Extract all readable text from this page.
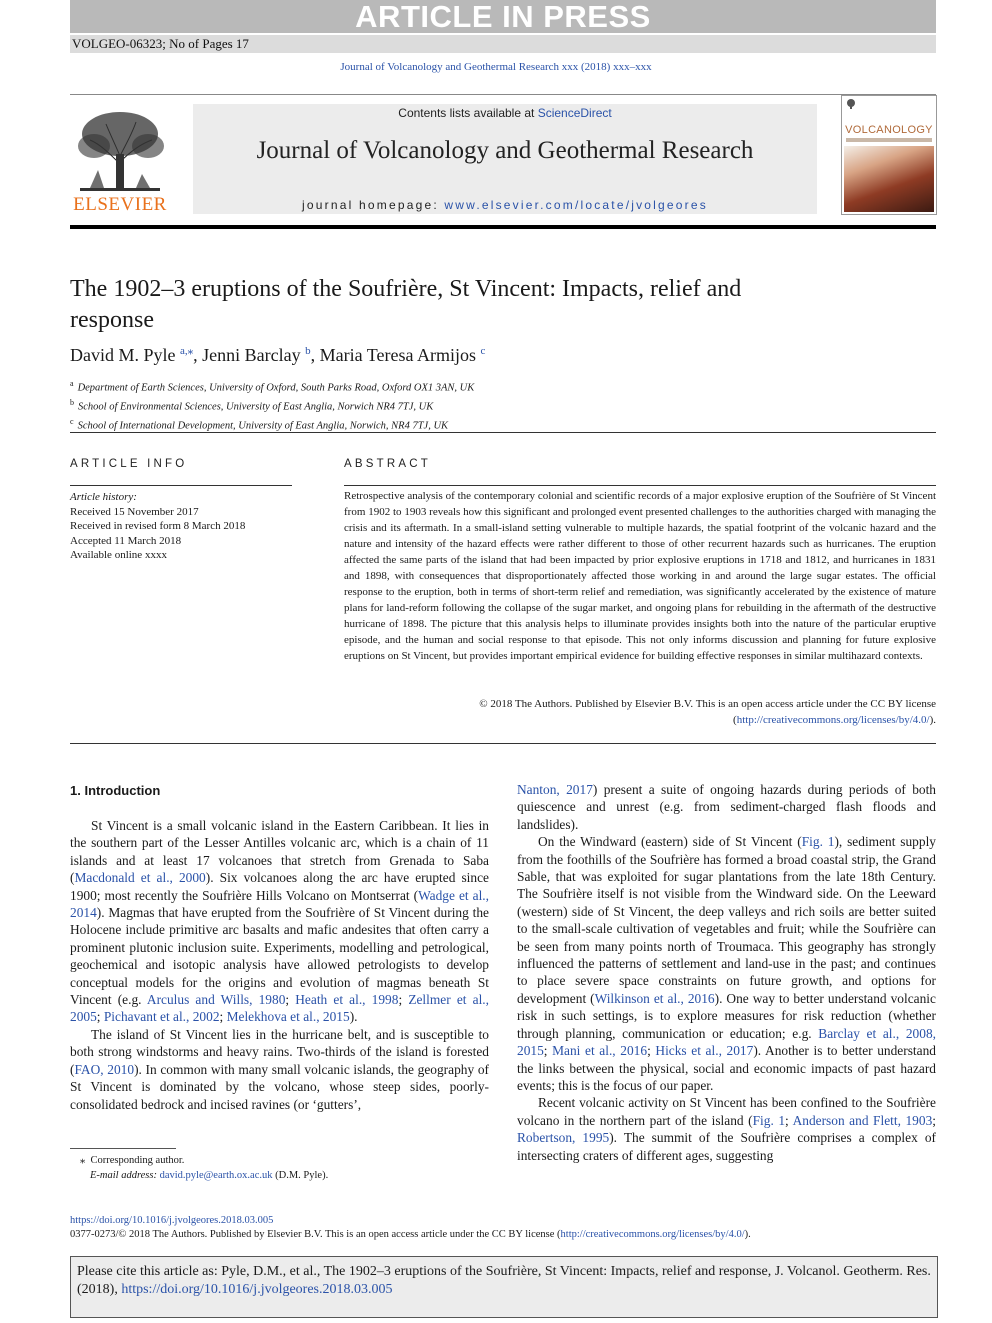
ARTICLE IN PRESS
VOLGEO-06323; No of Pages 17
Journal of Volcanology and Geothermal Research xxx (2018) xxx–xxx
ELSEVIER
Contents lists available at ScienceDirect
Journal of Volcanology and Geothermal Research
journal homepage: www.elsevier.com/locate/jvolgeores
VOLCANOLOGY
The 1902–3 eruptions of the Soufrière, St Vincent: Impacts, relief and response
David M. Pyle $^{a,⁎}$, Jenni Barclay $^b$, Maria Teresa Armijos $^c$
$^a$ Department of Earth Sciences, University of Oxford, South Parks Road, Oxford OX1 3AN, UK
$^b$ School of Environmental Sciences, University of East Anglia, Norwich NR4 7TJ, UK
$^c$ School of International Development, University of East Anglia, Norwich, NR4 7TJ, UK
ARTICLE INFO
Article history:
Received 15 November 2017
Received in revised form 8 March 2018
Accepted 11 March 2018
Available online xxxx
ABSTRACT

Retrospective analysis of the contemporary colonial and scientific records of a major explosive eruption of the Soufrière of St Vincent from 1902 to 1903 reveals how this significant and prolonged event presented challenges to the authorities charged with managing the crisis and its aftermath. In a small-island setting vulnerable to multiple hazards, the spatial footprint of the volcanic hazard and the nature and intensity of the hazard effects were rather different to those of other recurrent hazards such as hurricanes. The eruption affected the same parts of the island that had been impacted by prior explosive eruptions in 1718 and 1812, and hurricanes in 1831 and 1898, with consequences that disproportionately affected those working in and around the large sugar estates. The official response to the eruption, both in terms of short-term relief and remediation, was significantly accelerated by the existence of mature plans for land-reform following the collapse of the sugar market, and ongoing plans for rebuilding in the aftermath of the destructive hurricane of 1898. The picture that this analysis helps to illuminate provides insights both into the nature of the particular eruptive episode, and the human and social response to that episode. This not only informs discussion and planning for future explosive eruptions on St Vincent, but provides important empirical evidence for building effective responses in similar multihazard contexts.

© 2018 The Authors. Published by Elsevier B.V. This is an open access article under the CC BY license (http://creativecommons.org/licenses/by/4.0/).
1. Introduction

St Vincent is a small volcanic island in the Eastern Caribbean. It lies in the southern part of the Lesser Antilles volcanic arc, which is a chain of 11 islands and at least 17 volcanoes that stretch from Grenada to Saba (Macdonald et al., 2000). Six volcanoes along the arc have erupted since 1900; most recently the Soufrière Hills Volcano on Montserrat (Wadge et al., 2014). Magmas that have erupted from the Soufrière of St Vincent during the Holocene include primitive arc basalts and mafic andesites that often carry a prominent plutonic inclusion suite. Experiments, modelling and petrological, geochemical and isotopic analysis have allowed petrologists to develop conceptual models for the origins and evolution of magmas beneath St Vincent (e.g. Arculus and Wills, 1980; Heath et al., 1998; Zellmer et al., 2005; Pichavant et al., 2002; Melekhova et al., 2015).

The island of St Vincent lies in the hurricane belt, and is susceptible to both strong windstorms and heavy rains. Two-thirds of the island is forested (FAO, 2010). In common with many small volcanic islands, the geography of St Vincent is dominated by the volcano, whose steep sides, poorly-consolidated bedrock and incised ravines (or ‘gutters’,

Nanton, 2017) present a suite of ongoing hazards during periods of both quiescence and unrest (e.g. from sediment-charged flash floods and landslides).

On the Windward (eastern) side of St Vincent (Fig. 1), sediment supply from the foothills of the Soufrière has formed a broad coastal strip, the Grand Sable, that was exploited for sugar plantations from the late 18th Century. The Soufrière itself is not visible from the Windward side. On the Leeward (western) side of St Vincent, the deep valleys and rich soils are better suited to the small-scale cultivation of vegetables and fruit; while the Soufrière can be seen from many points north of Troumaca. This geography has strongly influenced the patterns of settlement and land-use in the past; and continues to place severe space constraints on future growth, and options for development (Wilkinson et al., 2016). One way to better understand volcanic risk in such settings, is to explore measures for risk reduction (whether through planning, communication or education; e.g. Barclay et al., 2008, 2015; Mani et al., 2016; Hicks et al., 2017). Another is to better understand the links between the physical, social and economic impacts of past hazard events; this is the focus of our paper.

Recent volcanic activity on St Vincent has been confined to the Soufrière volcano in the northern part of the island (Fig. 1; Anderson and Flett, 1903; Robertson, 1995). The summit of the Soufrière comprises a complex of intersecting craters of different ages, suggesting

⁎ Corresponding author.
E-mail address: david.pyle@earth.ox.ac.uk (D.M. Pyle).
https://doi.org/10.1016/j.jvolgeores.2018.03.005
0377-0273/© 2018 The Authors. Published by Elsevier B.V. This is an open access article under the CC BY license (http://creativecommons.org/licenses/by/4.0/).
Please cite this article as: Pyle, D.M., et al., The 1902–3 eruptions of the Soufrière, St Vincent: Impacts, relief and response, J. Volcanol. Geotherm. Res. (2018), https://doi.org/10.1016/j.jvolgeores.2018.03.005
